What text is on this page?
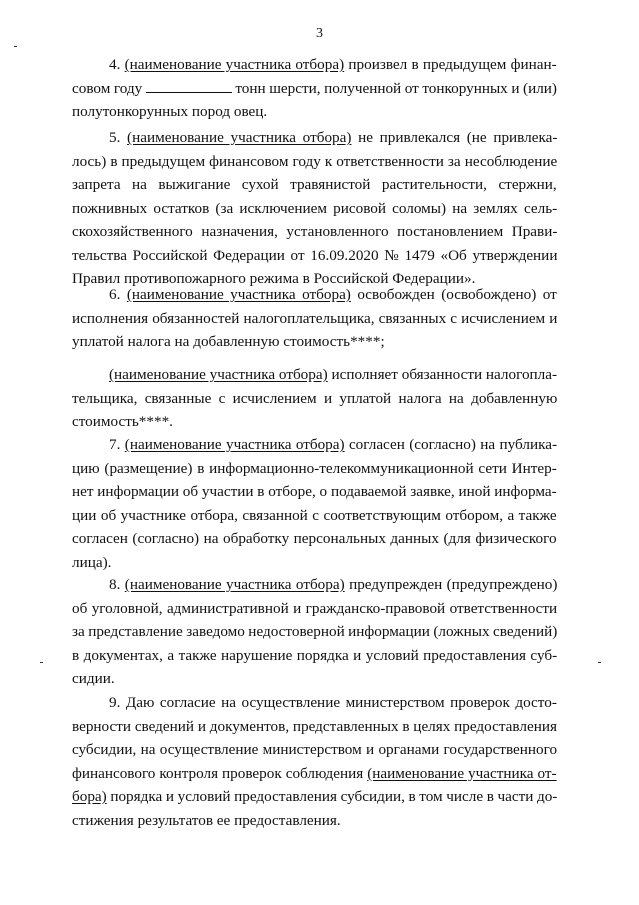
3
4. (наименование участника отбора) произвел в предыдущем финан-
совом году	тонн шерсти, полученной от тонкорунных и (или)
полутонкорунных пород овец.
5. (наименование участника отбора) не привлекался (не привлека-
лось) в предыдущем финансовом году к ответственности за несоблюдение
запрета на выжигание сухой травянистой растительности, стержни,
пожнивных остатков (за исключением рисовой соломы) на землях сель-
скохозяйственного назначения, установленного постановлением Прави-
тельства Российской Федерации от 16.09.2020 № 1479 «Об утверждении
Правил противопожарного режима в Российской Федерации».
6. (наименование участника отбора) освобожден (освобождено) от
исполнения обязанностей налогоплательщика, связанных с исчислением и
уплатой налога на добавленную стоимость****;
(наименование участника отбора) исполняет обязанности налогопла-
тельщика, связанные с исчислением и уплатой налога на добавленную
стоимость****.
7. (наименование участника отбора) согласен (согласно) на публика-
цию (размещение) в информационно-телекоммуникационной сети Интер-
нет информации об участии в отборе, о подаваемой заявке, иной информа-
ции об участнике отбора, связанной с соответствующим отбором, а также
согласен (согласно) на обработку персональных данных (для физического
лица).
8. (наименование участника отбора) предупрежден (предупреждено)
об уголовной, административной и гражданско-правовой ответственности
за представление заведомо недостоверной информации (ложных сведений)
в документах, а также нарушение порядка и условий предоставления суб-
сидии.
9. Даю согласие на осуществление министерством проверок досто-
верности сведений и документов, представленных в целях предоставления
субсидии, на осуществление министерством и органами государственного
финансового контроля проверок соблюдения (наименование участника от-
бора) порядка и условий предоставления субсидии, в том числе в части до-
стижения результатов ее предоставления.
